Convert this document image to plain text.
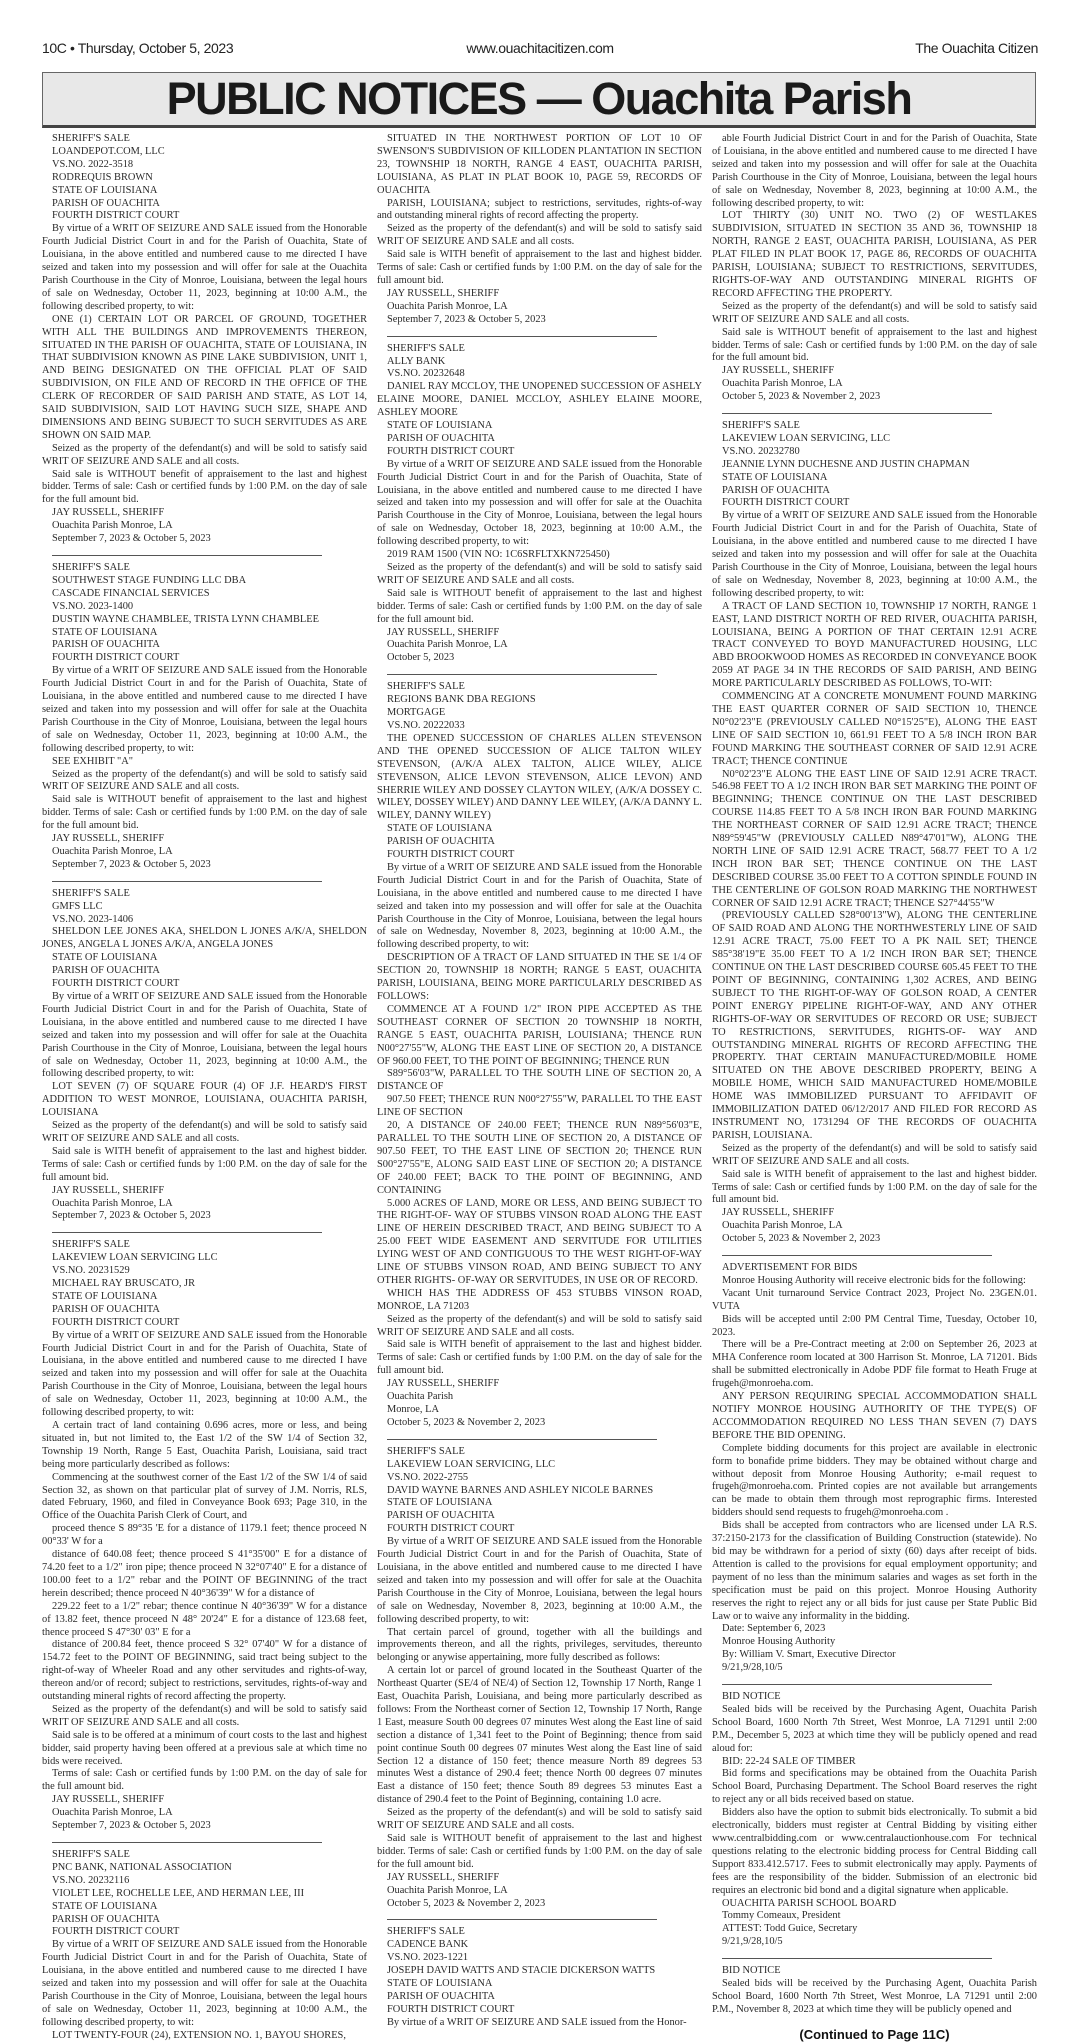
10C • Thursday, October 5, 2023	www.ouachitacitizen.com	The Ouachita Citizen
PUBLIC NOTICES — Ouachita Parish

SHERIFF'S SALE

LOANDEPOT.COM, LLC

VS.NO. 2022-3518

RODREQUIS BROWN

STATE OF LOUISIANA

PARISH OF OUACHITA

FOURTH DISTRICT COURT

By virtue of a WRIT OF SEIZURE AND SALE issued from the Honorable Fourth Judicial District Court in and for the Parish of Ouachita, State of Louisiana, in the above entitled and numbered cause to me directed I have seized and taken into my possession and will offer for sale at the Ouachita Parish Courthouse in the City of Monroe, Louisiana, between the legal hours of sale on Wednesday, October 11, 2023, beginning at 10:00 A.M., the following described property, to wit:

ONE (1) CERTAIN LOT OR PARCEL OF GROUND, TOGETHER WITH ALL THE BUILDINGS AND IMPROVEMENTS THEREON, SITUATED IN THE PARISH OF OUACHITA, STATE OF LOUISIANA, IN THAT SUBDIVISION KNOWN AS PINE LAKE SUBDIVISION, UNIT 1, AND BEING DESIGNATED ON THE OFFICIAL PLAT OF SAID SUBDIVISION, ON FILE AND OF RECORD IN THE OFFICE OF THE CLERK OF RECORDER OF SAID PARISH AND STATE, AS LOT 14, SAID SUBDIVISION, SAID LOT HAVING SUCH SIZE, SHAPE AND DIMENSIONS AND BEING SUBJECT TO SUCH SERVITUDES AS ARE SHOWN ON SAID MAP.

Seized as the property of the defendant(s) and will be sold to satisfy said WRIT OF SEIZURE AND SALE and all costs.

Said sale is WITHOUT benefit of appraisement to the last and highest bidder. Terms of sale: Cash or certified funds by 1:00 P.M. on the day of sale for the full amount bid.

JAY RUSSELL, SHERIFF

Ouachita Parish Monroe, LA

September 7, 2023 & October 5, 2023

SHERIFF'S SALE

SOUTHWEST STAGE FUNDING LLC DBA

CASCADE FINANCIAL SERVICES

VS.NO. 2023-1400

DUSTIN WAYNE CHAMBLEE, TRISTA LYNN CHAMBLEE

STATE OF LOUISIANA

PARISH OF OUACHITA

FOURTH DISTRICT COURT

By virtue of a WRIT OF SEIZURE AND SALE issued from the Honorable Fourth Judicial District Court in and for the Parish of Ouachita, State of Louisiana, in the above entitled and numbered cause to me directed I have seized and taken into my possession and will offer for sale at the Ouachita Parish Courthouse in the City of Monroe, Louisiana, between the legal hours of sale on Wednesday, October 11, 2023, beginning at 10:00 A.M., the following described property, to wit:

SEE EXHIBIT "A"

Seized as the property of the defendant(s) and will be sold to satisfy said WRIT OF SEIZURE AND SALE and all costs.

Said sale is WITHOUT benefit of appraisement to the last and highest bidder. Terms of sale: Cash or certified funds by 1:00 P.M. on the day of sale for the full amount bid.

JAY RUSSELL, SHERIFF

Ouachita Parish Monroe, LA

September 7, 2023 & October 5, 2023

SHERIFF'S SALE

GMFS LLC

VS.NO. 2023-1406

SHELDON LEE JONES AKA, SHELDON L JONES A/K/A, SHELDON JONES, ANGELA L JONES A/K/A, ANGELA JONES

STATE OF LOUISIANA

PARISH OF OUACHITA

FOURTH DISTRICT COURT

By virtue of a WRIT OF SEIZURE AND SALE issued from the Honorable Fourth Judicial District Court in and for the Parish of Ouachita, State of Louisiana, in the above entitled and numbered cause to me directed I have seized and taken into my possession and will offer for sale at the Ouachita Parish Courthouse in the City of Monroe, Louisiana, between the legal hours of sale on Wednesday, October 11, 2023, beginning at 10:00 A.M., the following described property, to wit:

LOT SEVEN (7) OF SQUARE FOUR (4) OF J.F. HEARD'S FIRST ADDITION TO WEST MONROE, LOUISIANA, OUACHITA PARISH, LOUISIANA

Seized as the property of the defendant(s) and will be sold to satisfy said WRIT OF SEIZURE AND SALE and all costs.

Said sale is WITH benefit of appraisement to the last and highest bidder. Terms of sale: Cash or certified funds by 1:00 P.M. on the day of sale for the full amount bid.

JAY RUSSELL, SHERIFF

Ouachita Parish Monroe, LA

September 7, 2023 & October 5, 2023

SHERIFF'S SALE

LAKEVIEW LOAN SERVICING LLC

VS.NO. 20231529

MICHAEL RAY BRUSCATO, JR

STATE OF LOUISIANA

PARISH OF OUACHITA

FOURTH DISTRICT COURT

By virtue of a WRIT OF SEIZURE AND SALE issued from the Honorable Fourth Judicial District Court in and for the Parish of Ouachita, State of Louisiana, in the above entitled and numbered cause to me directed I have seized and taken into my possession and will offer for sale at the Ouachita Parish Courthouse in the City of Monroe, Louisiana, between the legal hours of sale on Wednesday, October 11, 2023, beginning at 10:00 A.M., the following described property, to wit:

A certain tract of land containing 0.696 acres, more or less, and being situated in, but not limited to, the East 1/2 of the SW 1/4 of Section 32, Township 19 North, Range 5 East, Ouachita Parish, Louisiana, said tract being more particularly described as follows:

Commencing at the southwest corner of the East 1/2 of the SW 1/4 of said Section 32, as shown on that particular plat of survey of J.M. Norris, RLS, dated February, 1960, and filed in Conveyance Book 693; Page 310, in the Office of the Ouachita Parish Clerk of Court, and

proceed thence S 89°35 'E for a distance of 1179.1 feet; thence proceed N 00°33' W for a

distance of 640.08 feet; thence proceed S 41°35'00" E for a distance of 74.20 feet to a 1/2" iron pipe; thence proceed N 32°07'40" E for a distance of 100.00 feet to a 1/2" rebar and the POINT OF BEGINNING of the tract herein described; thence proceed N 40°36'39" W for a distance of

229.22 feet to a 1/2" rebar; thence continue N 40°36'39" W for a distance of 13.82 feet, thence proceed N 48° 20'24" E for a distance of 123.68 feet, thence proceed S 47°30' 03" E for a

distance of 200.84 feet, thence proceed S 32° 07'40" W for a distance of 154.72 feet to the POINT OF BEGINNING, said tract being subject to the right-of-way of Wheeler Road and any other servitudes and rights-of-way, thereon and/or of record; subject to restrictions, servitudes, rights-of-way and outstanding mineral rights of record affecting the property.

Seized as the property of the defendant(s) and will be sold to satisfy said WRIT OF SEIZURE AND SALE and all costs.

Said sale is to be offered at a minimum of court costs to the last and highest bidder, said property having been offered at a previous sale at which time no bids were received.

Terms of sale: Cash or certified funds by 1:00 P.M. on the day of sale for the full amount bid.

JAY RUSSELL, SHERIFF

Ouachita Parish Monroe, LA

September 7, 2023 & October 5, 2023

SHERIFF'S SALE

PNC BANK, NATIONAL ASSOCIATION

VS.NO. 20232116

VIOLET LEE, ROCHELLE LEE, AND HERMAN LEE, III

STATE OF LOUISIANA

PARISH OF OUACHITA

FOURTH DISTRICT COURT

By virtue of a WRIT OF SEIZURE AND SALE issued from the Honorable Fourth Judicial District Court in and for the Parish of Ouachita, State of Louisiana, in the above entitled and numbered cause to me directed I have seized and taken into my possession and will offer for sale at the Ouachita Parish Courthouse in the City of Monroe, Louisiana, between the legal hours of sale on Wednesday, October 11, 2023, beginning at 10:00 A.M., the following described property, to wit:

LOT TWENTY-FOUR (24), EXTENSION NO. 1, BAYOU SHORES,

SITUATED IN THE NORTHWEST PORTION OF LOT 10 OF SWENSON'S SUBDIVISION OF KILLODEN PLANTATION IN SECTION 23, TOWNSHIP 18 NORTH, RANGE 4 EAST, OUACHITA PARISH, LOUISIANA, AS PLAT IN PLAT BOOK 10, PAGE 59, RECORDS OF OUACHITA

PARISH, LOUISIANA; subject to restrictions, servitudes, rights-of-way and outstanding mineral rights of record affecting the property.

Seized as the property of the defendant(s) and will be sold to satisfy said WRIT OF SEIZURE AND SALE and all costs.

Said sale is WITH benefit of appraisement to the last and highest bidder. Terms of sale: Cash or certified funds by 1:00 P.M. on the day of sale for the full amount bid.

JAY RUSSELL, SHERIFF

Ouachita Parish Monroe, LA

September 7, 2023 & October 5, 2023

SHERIFF'S SALE

ALLY BANK

VS.NO. 20232648

DANIEL RAY MCCLOY, THE UNOPENED SUCCESSION OF ASHELY ELAINE MOORE, DANIEL MCCLOY, ASHLEY ELAINE MOORE, ASHLEY MOORE

STATE OF LOUISIANA

PARISH OF OUACHITA

FOURTH DISTRICT COURT

By virtue of a WRIT OF SEIZURE AND SALE issued from the Honorable Fourth Judicial District Court in and for the Parish of Ouachita, State of Louisiana, in the above entitled and numbered cause to me directed I have seized and taken into my possession and will offer for sale at the Ouachita Parish Courthouse in the City of Monroe, Louisiana, between the legal hours of sale on Wednesday, October 18, 2023, beginning at 10:00 A.M., the following described property, to wit:

2019 RAM 1500 (VIN NO: 1C6SRFLTXKN725450)

Seized as the property of the defendant(s) and will be sold to satisfy said WRIT OF SEIZURE AND SALE and all costs.

Said sale is WITHOUT benefit of appraisement to the last and highest bidder. Terms of sale: Cash or certified funds by 1:00 P.M. on the day of sale for the full amount bid.

JAY RUSSELL, SHERIFF

Ouachita Parish Monroe, LA

October 5, 2023

SHERIFF'S SALE

REGIONS BANK DBA REGIONS

MORTGAGE

VS.NO. 20222033

THE OPENED SUCCESSION OF CHARLES ALLEN STEVENSON AND THE OPENED SUCCESSION OF ALICE TALTON WILEY STEVENSON, (A/K/A ALEX TALTON, ALICE WILEY, ALICE STEVENSON, ALICE LEVON STEVENSON, ALICE LEVON) AND SHERRIE WILEY AND DOSSEY CLAYTON WILEY, (A/K/A DOSSEY C. WILEY, DOSSEY WILEY) AND DANNY LEE WILEY, (A/K/A DANNY L. WILEY, DANNY WILEY)

STATE OF LOUISIANA

PARISH OF OUACHITA

FOURTH DISTRICT COURT

By virtue of a WRIT OF SEIZURE AND SALE issued from the Honorable Fourth Judicial District Court in and for the Parish of Ouachita, State of Louisiana, in the above entitled and numbered cause to me directed I have seized and taken into my possession and will offer for sale at the Ouachita Parish Courthouse in the City of Monroe, Louisiana, between the legal hours of sale on Wednesday, November 8, 2023, beginning at 10:00 A.M., the following described property, to wit:

DESCRIPTION OF A TRACT OF LAND SITUATED IN THE SE 1/4 OF SECTION 20, TOWNSHIP 18 NORTH; RANGE 5 EAST, OUACHITA PARISH, LOUISIANA, BEING MORE PARTICULARLY DESCRIBED AS FOLLOWS:

COMMENCE AT A FOUND 1/2" IRON PIPE ACCEPTED AS THE SOUTHEAST CORNER OF SECTION 20 TOWNSHIP 18 NORTH, RANGE 5 EAST, OUACHITA PARISH, LOUISIANA; THENCE RUN N00°27'55"W, ALONG THE EAST LINE OF SECTION 20, A DISTANCE OF 960.00 FEET, TO THE POINT OF BEGINNING; THENCE RUN

S89°56'03"W, PARALLEL TO THE SOUTH LINE OF SECTION 20, A DISTANCE OF

907.50 FEET; THENCE RUN N00°27'55"W, PARALLEL TO THE EAST LINE OF SECTION

20, A DISTANCE OF 240.00 FEET; THENCE RUN N89°56'03"E, PARALLEL TO THE SOUTH LINE OF SECTION 20, A DISTANCE OF 907.50 FEET, TO THE EAST LINE OF SECTION 20; THENCE RUN S00°27'55"E, ALONG SAID EAST LINE OF SECTION 20; A DISTANCE OF 240.00 FEET; BACK TO THE POINT OF BEGINNING, AND CONTAINING

5.000 ACRES OF LAND, MORE OR LESS, AND BEING SUBJECT TO THE RIGHT-OF- WAY OF STUBBS VINSON ROAD ALONG THE EAST LINE OF HEREIN DESCRIBED TRACT, AND BEING SUBJECT TO A 25.00 FEET WIDE EASEMENT AND SERVITUDE FOR UTILITIES LYING WEST OF AND CONTIGUOUS TO THE WEST RIGHT-OF-WAY LINE OF STUBBS VINSON ROAD, AND BEING SUBJECT TO ANY OTHER RIGHTS- OF-WAY OR SERVITUDES, IN USE OR OF RECORD.

WHICH HAS THE ADDRESS OF 453 STUBBS VINSON ROAD, MONROE, LA 71203

Seized as the property of the defendant(s) and will be sold to satisfy said WRIT OF SEIZURE AND SALE and all costs.

Said sale is WITH benefit of appraisement to the last and highest bidder. Terms of sale: Cash or certified funds by 1:00 P.M. on the day of sale for the full amount bid.

JAY RUSSELL, SHERIFF

Ouachita Parish

Monroe, LA

October 5, 2023 & November 2, 2023

SHERIFF'S SALE

LAKEVIEW LOAN SERVICING, LLC

VS.NO. 2022-2755

DAVID WAYNE BARNES AND ASHLEY NICOLE BARNES

STATE OF LOUISIANA

PARISH OF OUACHITA

FOURTH DISTRICT COURT

By virtue of a WRIT OF SEIZURE AND SALE issued from the Honorable Fourth Judicial District Court in and for the Parish of Ouachita, State of Louisiana, in the above entitled and numbered cause to me directed I have seized and taken into my possession and will offer for sale at the Ouachita Parish Courthouse in the City of Monroe, Louisiana, between the legal hours of sale on Wednesday, November 8, 2023, beginning at 10:00 A.M., the following described property, to wit:

That certain parcel of ground, together with all the buildings and improvements thereon, and all the rights, privileges, servitudes, thereunto belonging or anywise appertaining, more fully described as follows:

A certain lot or parcel of ground located in the Southeast Quarter of the Northeast Quarter (SE/4 of NE/4) of Section 12, Township 17 North, Range 1 East, Ouachita Parish, Louisiana, and being more particularly described as follows: From the Northeast corner of Section 12, Township 17 North, Range 1 East, measure South 00 degrees 07 minutes West along the East line of said section a distance of 1,341 feet to the Point of Beginning; thence from said point continue South 00 degrees 07 minutes West along the East line of said Section 12 a distance of 150 feet; thence measure North 89 degrees 53 minutes West a distance of 290.4 feet; thence North 00 degrees 07 minutes East a distance of 150 feet; thence South 89 degrees 53 minutes East a distance of 290.4 feet to the Point of Beginning, containing 1.0 acre.

Seized as the property of the defendant(s) and will be sold to satisfy said WRIT OF SEIZURE AND SALE and all costs.

Said sale is WITHOUT benefit of appraisement to the last and highest bidder. Terms of sale: Cash or certified funds by 1:00 P.M. on the day of sale for the full amount bid.

JAY RUSSELL, SHERIFF

Ouachita Parish Monroe, LA

October 5, 2023 & November 2, 2023

SHERIFF'S SALE

CADENCE BANK

VS.NO. 2023-1221

JOSEPH DAVID WATTS AND STACIE DICKERSON WATTS

STATE OF LOUISIANA

PARISH OF OUACHITA

FOURTH DISTRICT COURT

By virtue of a WRIT OF SEIZURE AND SALE issued from the Honor-

able Fourth Judicial District Court in and for the Parish of Ouachita, State of Louisiana, in the above entitled and numbered cause to me directed I have seized and taken into my possession and will offer for sale at the Ouachita Parish Courthouse in the City of Monroe, Louisiana, between the legal hours of sale on Wednesday, November 8, 2023, beginning at 10:00 A.M., the following described property, to wit:

LOT THIRTY (30) UNIT NO. TWO (2) OF WESTLAKES SUBDIVISION, SITUATED IN SECTION 35 AND 36, TOWNSHIP 18 NORTH, RANGE 2 EAST, OUACHITA PARISH, LOUISIANA, AS PER PLAT FILED IN PLAT BOOK 17, PAGE 86, RECORDS OF OUACHITA PARISH, LOUISIANA; SUBJECT TO RESTRICTIONS, SERVITUDES, RIGHTS-OF-WAY AND OUTSTANDING MINERAL RIGHTS OF RECORD AFFECTING THE PROPERTY.

Seized as the property of the defendant(s) and will be sold to satisfy said WRIT OF SEIZURE AND SALE and all costs.

Said sale is WITHOUT benefit of appraisement to the last and highest bidder. Terms of sale: Cash or certified funds by 1:00 P.M. on the day of sale for the full amount bid.

JAY RUSSELL, SHERIFF

Ouachita Parish Monroe, LA

October 5, 2023 & November 2, 2023

SHERIFF'S SALE

LAKEVIEW LOAN SERVICING, LLC

VS.NO. 20232780

JEANNIE LYNN DUCHESNE AND JUSTIN CHAPMAN

STATE OF LOUISIANA

PARISH OF OUACHITA

FOURTH DISTRICT COURT

By virtue of a WRIT OF SEIZURE AND SALE issued from the Honorable Fourth Judicial District Court in and for the Parish of Ouachita, State of Louisiana, in the above entitled and numbered cause to me directed I have seized and taken into my possession and will offer for sale at the Ouachita Parish Courthouse in the City of Monroe, Louisiana, between the legal hours of sale on Wednesday, November 8, 2023, beginning at 10:00 A.M., the following described property, to wit:

A TRACT OF LAND SECTION 10, TOWNSHIP 17 NORTH, RANGE 1 EAST, LAND DISTRICT NORTH OF RED RIVER, OUACHITA PARISH, LOUISIANA, BEING A PORTION OF THAT CERTAIN 12.91 ACRE TRACT CONVEYED TO BOYD MANUFACTURED HOUSING, LLC ABD BROOKWOOD HOMES AS RECORDED IN CONVEYANCE BOOK 2059 AT PAGE 34 IN THE RECORDS OF SAID PARISH, AND BEING MORE PARTICULARLY DESCRIBED AS FOLLOWS, TO-WIT:

COMMENCING AT A CONCRETE MONUMENT FOUND MARKING THE EAST QUARTER CORNER OF SAID SECTION 10, THENCE N0°02'23"E (PREVIOUSLY CALLED N0°15'25"E), ALONG THE EAST LINE OF SAID SECTION 10, 661.91 FEET TO A 5/8 INCH IRON BAR FOUND MARKING THE SOUTHEAST CORNER OF SAID 12.91 ACRE TRACT; THENCE CONTINUE

N0°02'23"E ALONG THE EAST LINE OF SAID 12.91 ACRE TRACT. 546.98 FEET TO A 1/2 INCH IRON BAR SET MARKING THE POINT OF BEGINNING; THENCE CONTINUE ON THE LAST DESCRIBED COURSE 114.85 FEET TO A 5/8 INCH IRON BAR FOUND MARKING THE NORTHEAST CORNER OF SAID 12.91 ACRE TRACT; THENCE N89°59'45"W (PREVIOUSLY CALLED N89°47'01"W), ALONG THE NORTH LINE OF SAID 12.91 ACRE TRACT, 568.77 FEET TO A 1/2 INCH IRON BAR SET; THENCE CONTINUE ON THE LAST DESCRIBED COURSE 35.00 FEET TO A COTTON SPINDLE FOUND IN THE CENTERLINE OF GOLSON ROAD MARKING THE NORTHWEST CORNER OF SAID 12.91 ACRE TRACT; THENCE S27°44'55"W

(PREVIOUSLY CALLED S28°00'13"W), ALONG THE CENTERLINE OF SAID ROAD AND ALONG THE NORTHWESTERLY LINE OF SAID 12.91 ACRE TRACT, 75.00 FEET TO A PK NAIL SET; THENCE S85°38'19"E 35.00 FEET TO A 1/2 INCH IRON BAR SET; THENCE CONTINUE ON THE LAST DESCRIBED COURSE 605.45 FEET TO THE POINT OF BEGINNING, CONTAINING 1,302 ACRES, AND BEING SUBJECT TO THE RIGHT-OF-WAY OF GOLSON ROAD, A CENTER POINT ENERGY PIPELINE RIGHT-OF-WAY, AND ANY OTHER RIGHTS-OF-WAY OR SERVITUDES OF RECORD OR USE; SUBJECT TO RESTRICTIONS, SERVITUDES, RIGHTS-OF- WAY AND OUTSTANDING MINERAL RIGHTS OF RECORD AFFECTING THE PROPERTY. THAT CERTAIN MANUFACTURED/MOBILE HOME SITUATED ON THE ABOVE DESCRIBED PROPERTY, BEING A MOBILE HOME, WHICH SAID MANUFACTURED HOME/MOBILE HOME WAS IMMOBILIZED PURSUANT TO AFFIDAVIT OF IMMOBILIZATION DATED 06/12/2017 AND FILED FOR RECORD AS INSTRUMENT NO, 1731294 OF THE RECORDS OF OUACHITA PARISH, LOUISIANA.

Seized as the property of the defendant(s) and will be sold to satisfy said WRIT OF SEIZURE AND SALE and all costs.

Said sale is WITH benefit of appraisement to the last and highest bidder. Terms of sale: Cash or certified funds by 1:00 P.M. on the day of sale for the full amount bid.

JAY RUSSELL, SHERIFF

Ouachita Parish Monroe, LA

October 5, 2023 & November 2, 2023

ADVERTISEMENT FOR BIDS

Monroe Housing Authority will receive electronic bids for the following:

Vacant Unit turnaround Service Contract 2023, Project No. 23GEN.01. VUTA

Bids will be accepted until 2:00 PM Central Time, Tuesday, October 10, 2023.

There will be a Pre-Contract meeting at 2:00 on September 26, 2023 at MHA Conference room located at 300 Harrison St. Monroe, LA 71201. Bids shall be submitted electronically in Adobe PDF file format to Heath Fruge at frugeh@monroeha.com.

ANY PERSON REQUIRING SPECIAL ACCOMMODATION SHALL NOTIFY MONROE HOUSING AUTHORITY OF THE TYPE(S) OF ACCOMMODATION REQUIRED NO LESS THAN SEVEN (7) DAYS BEFORE THE BID OPENING.

Complete bidding documents for this project are available in electronic form to bonafide prime bidders. They may be obtained without charge and without deposit from Monroe Housing Authority; e-mail request to frugeh@monroeha.com. Printed copies are not available but arrangements can be made to obtain them through most reprographic firms. Interested bidders should send requests to frugeh@monroeha.com .

Bids shall be accepted from contractors who are licensed under LA R.S. 37:2150-2173 for the classification of Building Construction (statewide). No bid may be withdrawn for a period of sixty (60) days after receipt of bids. Attention is called to the provisions for equal employment opportunity; and payment of no less than the minimum salaries and wages as set forth in the specification must be paid on this project. Monroe Housing Authority reserves the right to reject any or all bids for just cause per State Public Bid Law or to waive any informality in the bidding.

Date: September 6, 2023

Monroe Housing Authority

By: William V. Smart, Executive Director

9/21,9/28,10/5

BID NOTICE

Sealed bids will be received by the Purchasing Agent, Ouachita Parish School Board, 1600 North 7th Street, West Monroe, LA 71291 until 2:00 P.M., December 5, 2023 at which time they will be publicly opened and read aloud for:

BID: 22-24 SALE OF TIMBER

Bid forms and specifications may be obtained from the Ouachita Parish School Board, Purchasing Department. The School Board reserves the right to reject any or all bids received based on statue.

Bidders also have the option to submit bids electronically. To submit a bid electronically, bidders must register at Central Bidding by visiting either www.centralbidding.com or www.centralauctionhouse.com For technical questions relating to the electronic bidding process for Central Bidding call Support 833.412.5717. Fees to submit electronically may apply. Payments of fees are the responsibility of the bidder. Submission of an electronic bid requires an electronic bid bond and a digital signature when applicable.

OUACHITA PARISH SCHOOL BOARD

Tommy Comeaux, President

ATTEST: Todd Guice, Secretary

9/21,9/28,10/5

BID NOTICE

Sealed bids will be received by the Purchasing Agent, Ouachita Parish School Board, 1600 North 7th Street, West Monroe, LA 71291 until 2:00 P.M., November 8, 2023 at which time they will be publicly opened and

(Continued to Page 11C)
